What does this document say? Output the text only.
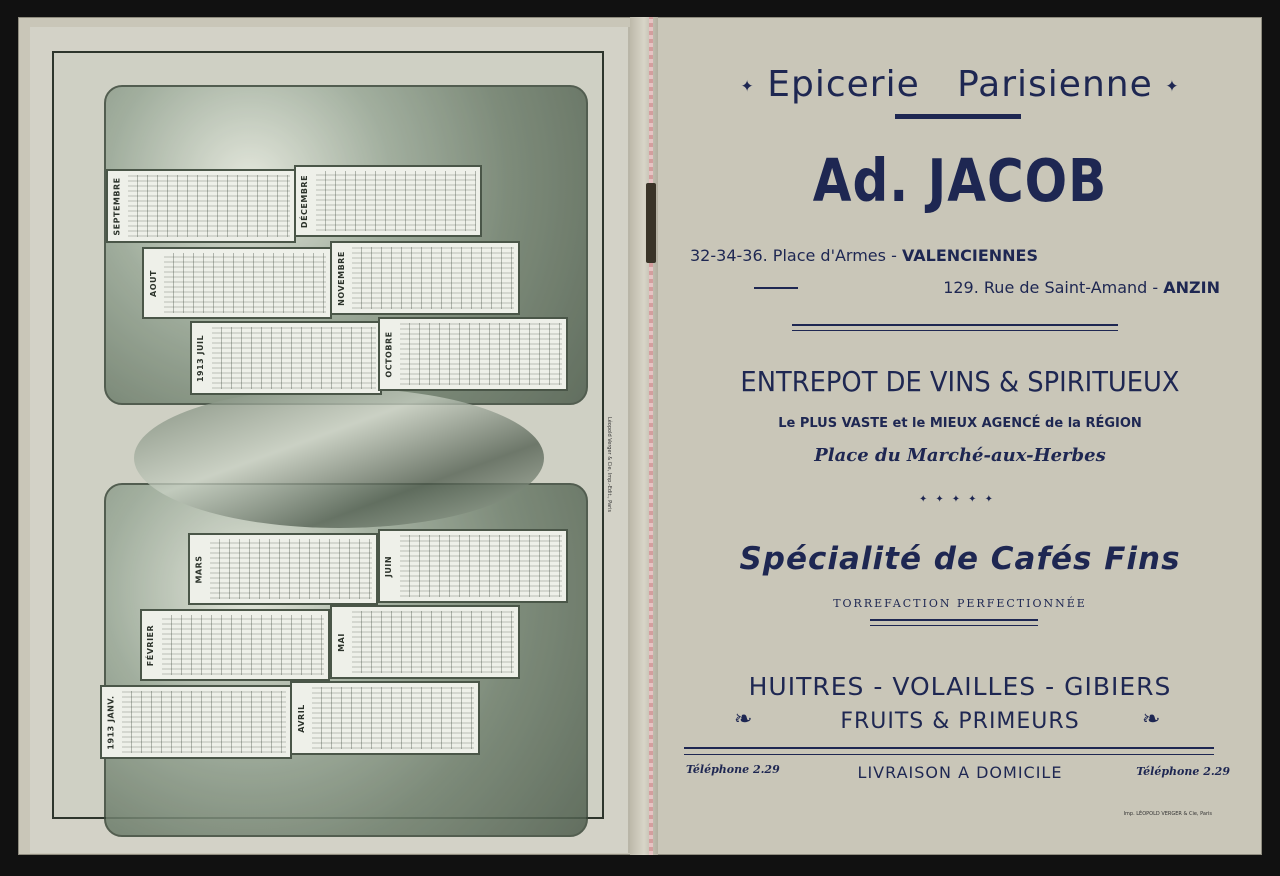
SEPTEMBRE	DÉCEMBRE
AOUT	NOVEMBRE
1913 JUIL	OCTOBRE
MARS	JUIN
FÉVRIER	MAI
1913 JANV.	AVRIL
Léopold Verger & Cie, Imp.-Edit., Paris
✦ Epicerie   Parisienne ✦
Ad. JACOB
32-34-36. Place d'Armes - VALENCIENNES
129. Rue de Saint-Amand - ANZIN
ENTREPOT DE VINS & SPIRITUEUX
Le PLUS VASTE et le MIEUX AGENCÉ de la RÉGION
Place du Marché-aux-Herbes
✦✦✦✦✦
Spécialité de Cafés Fins
TORREFACTION PERFECTIONNÉE
HUITRES - VOLAILLES - GIBIERS
❧	FRUITS & PRIMEURS	❧
Téléphone 2.29	LIVRAISON A DOMICILE	Téléphone 2.29
Imp. LÉOPOLD VERGER & Cie, Paris
